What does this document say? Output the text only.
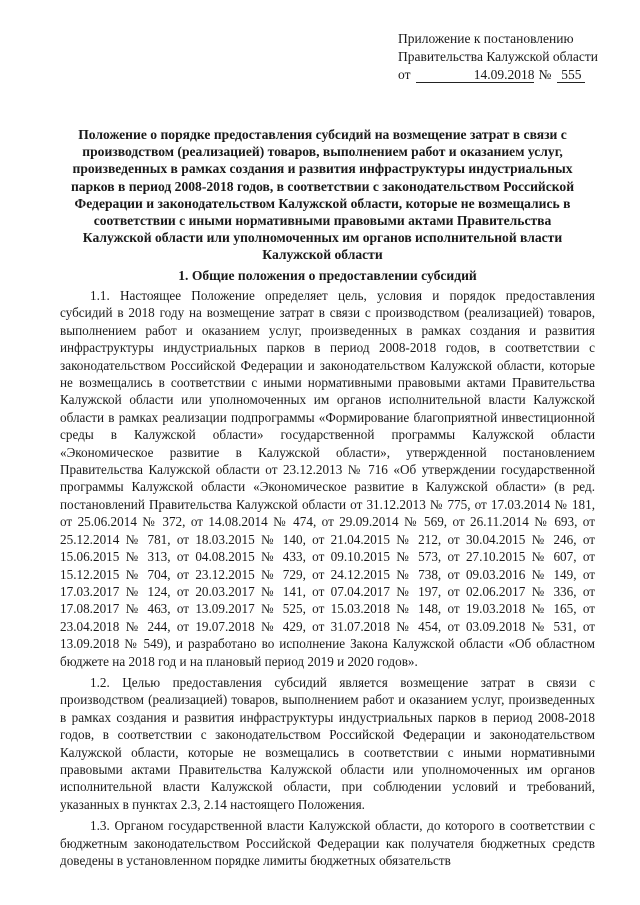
Приложение к постановлению
Правительства Калужской области
от	14.09.2018 № 555
Положение о порядке предоставления субсидий на возмещение затрат в связи с производством (реализацией) товаров, выполнением работ и оказанием услуг, произведенных в рамках создания и развития инфраструктуры индустриальных парков в период 2008-2018 годов, в соответствии с законодательством Российской Федерации и законодательством Калужской области, которые не возмещались в соответствии с иными нормативными правовыми актами Правительства Калужской области или уполномоченных им органов исполнительной власти Калужской области
1. Общие положения о предоставлении субсидий

1.1. Настоящее Положение определяет цель, условия и порядок предоставления субсидий в 2018 году на возмещение затрат в связи с производством (реализацией) товаров, выполнением работ и оказанием услуг, произведенных в рамках создания и развития инфраструктуры индустриальных парков в период 2008-2018 годов, в соответствии с законодательством Российской Федерации и законодательством Калужской области, которые не возмещались в соответствии с иными нормативными правовыми актами Правительства Калужской области или уполномоченных им органов исполнительной власти Калужской области в рамках реализации подпрограммы «Формирование благоприятной инвестиционной среды в Калужской области» государственной программы Калужской области «Экономическое развитие в Калужской области», утвержденной постановлением Правительства Калужской области от 23.12.2013 № 716 «Об утверждении государственной программы Калужской области «Экономическое развитие в Калужской области» (в ред. постановлений Правительства Калужской области от 31.12.2013 № 775, от 17.03.2014 № 181, от 25.06.2014 № 372, от 14.08.2014 № 474, от 29.09.2014 № 569, от 26.11.2014 № 693, от 25.12.2014 № 781, от 18.03.2015 № 140, от 21.04.2015 № 212, от 30.04.2015 № 246, от 15.06.2015 № 313, от 04.08.2015 № 433, от 09.10.2015 № 573, от 27.10.2015 № 607, от 15.12.2015 № 704, от 23.12.2015 № 729, от 24.12.2015 № 738, от 09.03.2016 № 149, от 17.03.2017 № 124, от 20.03.2017 № 141, от 07.04.2017 № 197, от 02.06.2017 № 336, от 17.08.2017 № 463, от 13.09.2017 № 525, от 15.03.2018 № 148, от 19.03.2018 № 165, от 23.04.2018 № 244, от 19.07.2018 № 429, от 31.07.2018 № 454, от 03.09.2018 № 531, от 13.09.2018 № 549), и разработано во исполнение Закона Калужской области «Об областном бюджете на 2018 год и на плановый период 2019 и 2020 годов».

1.2. Целью предоставления субсидий является возмещение затрат в связи с производством (реализацией) товаров, выполнением работ и оказанием услуг, произведенных в рамках создания и развития инфраструктуры индустриальных парков в период 2008-2018 годов, в соответствии с законодательством Российской Федерации и законодательством Калужской области, которые не возмещались в соответствии с иными нормативными правовыми актами Правительства Калужской области или уполномоченных им органов исполнительной власти Калужской области, при соблюдении условий и требований, указанных в пунктах 2.3, 2.14 настоящего Положения.

1.3. Органом государственной власти Калужской области, до которого в соответствии с бюджетным законодательством Российской Федерации как получателя бюджетных средств доведены в установленном порядке лимиты бюджетных обязательств
